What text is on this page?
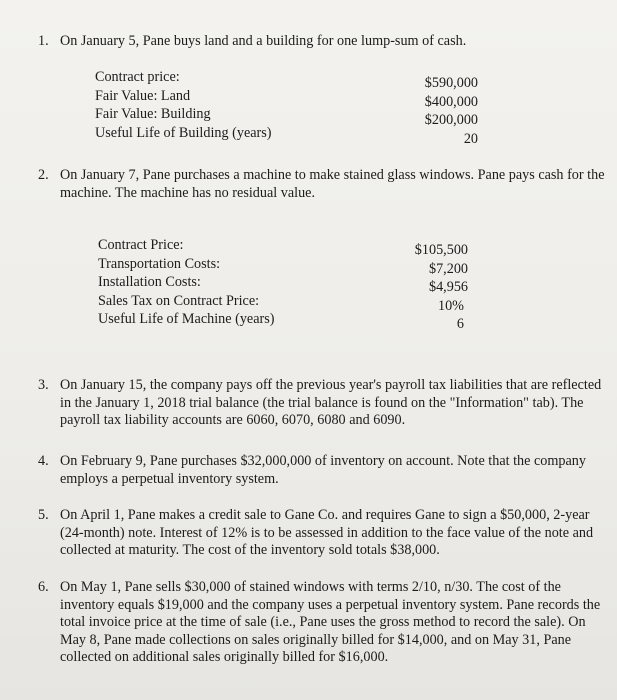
1. On January 5, Pane buys land and a building for one lump-sum of cash.
Contract price:	$590,000
Fair Value: Land	$400,000
Fair Value: Building	$200,000
Useful Life of Building (years)	20
2. On January 7, Pane purchases a machine to make stained glass windows. Pane pays cash for the machine. The machine has no residual value.
Contract Price:	$105,500
Transportation Costs:	$7,200
Installation Costs:	$4,956
Sales Tax on Contract Price:	10%
Useful Life of Machine (years)	6
3. On January 15, the company pays off the previous year's payroll tax liabilities that are reflected in the January 1, 2018 trial balance (the trial balance is found on the "Information" tab). The payroll tax liability accounts are 6060, 6070, 6080 and 6090.
4. On February 9, Pane purchases $32,000,000 of inventory on account. Note that the company employs a perpetual inventory system.
5. On April 1, Pane makes a credit sale to Gane Co. and requires Gane to sign a $50,000, 2-year (24-month) note. Interest of 12% is to be assessed in addition to the face value of the note and collected at maturity. The cost of the inventory sold totals $38,000.
6. On May 1, Pane sells $30,000 of stained windows with terms 2/10, n/30. The cost of the inventory equals $19,000 and the company uses a perpetual inventory system. Pane records the total invoice price at the time of sale (i.e., Pane uses the gross method to record the sale). On May 8, Pane made collections on sales originally billed for $14,000, and on May 31, Pane collected on additional sales originally billed for $16,000.
